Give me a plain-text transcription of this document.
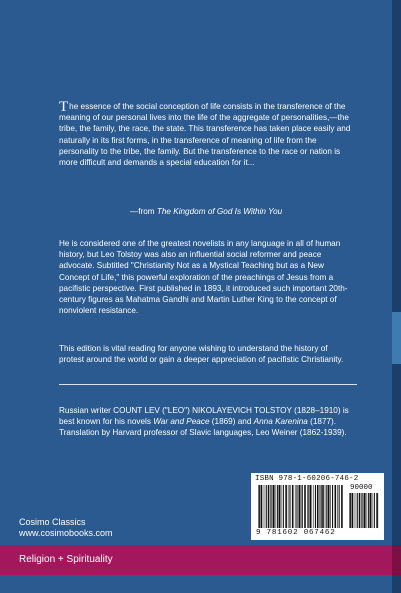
The essence of the social conception of life consists in the transference of the meaning of our personal lives into the life of the aggregate of personalities,—the tribe, the family, the race, the state. This transference has taken place easily and naturally in its first forms, in the transference of meaning of life from the personality to the tribe, the family. But the transference to the race or nation is more difficult and demands a special education for it...

—from The Kingdom of God Is Within You

He is considered one of the greatest novelists in any language in all of human history, but Leo Tolstoy was also an influential social reformer and peace advocate. Subtitled "Christianity Not as a Mystical Teaching but as a New Concept of Life," this powerful exploration of the preachings of Jesus from a pacifistic perspective. First published in 1893, it introduced such important 20th-century figures as Mahatma Gandhi and Martin Luther King to the concept of nonviolent resistance.

This edition is vital reading for anyone wishing to understand the history of protest around the world or gain a deeper appreciation of pacifistic Christianity.

Russian writer COUNT LEV ("LEO") NIKOLAYEVICH TOLSTOY (1828–1910) is best known for his novels War and Peace (1869) and Anna Karenina (1877). Translation by Harvard professor of Slavic languages, Leo Weiner (1862-1939).

ISBN 978-1-60206-746-2
90000
9 781602 067462
Cosimo Classics
www.cosimobooks.com
Religion + Spirituality
